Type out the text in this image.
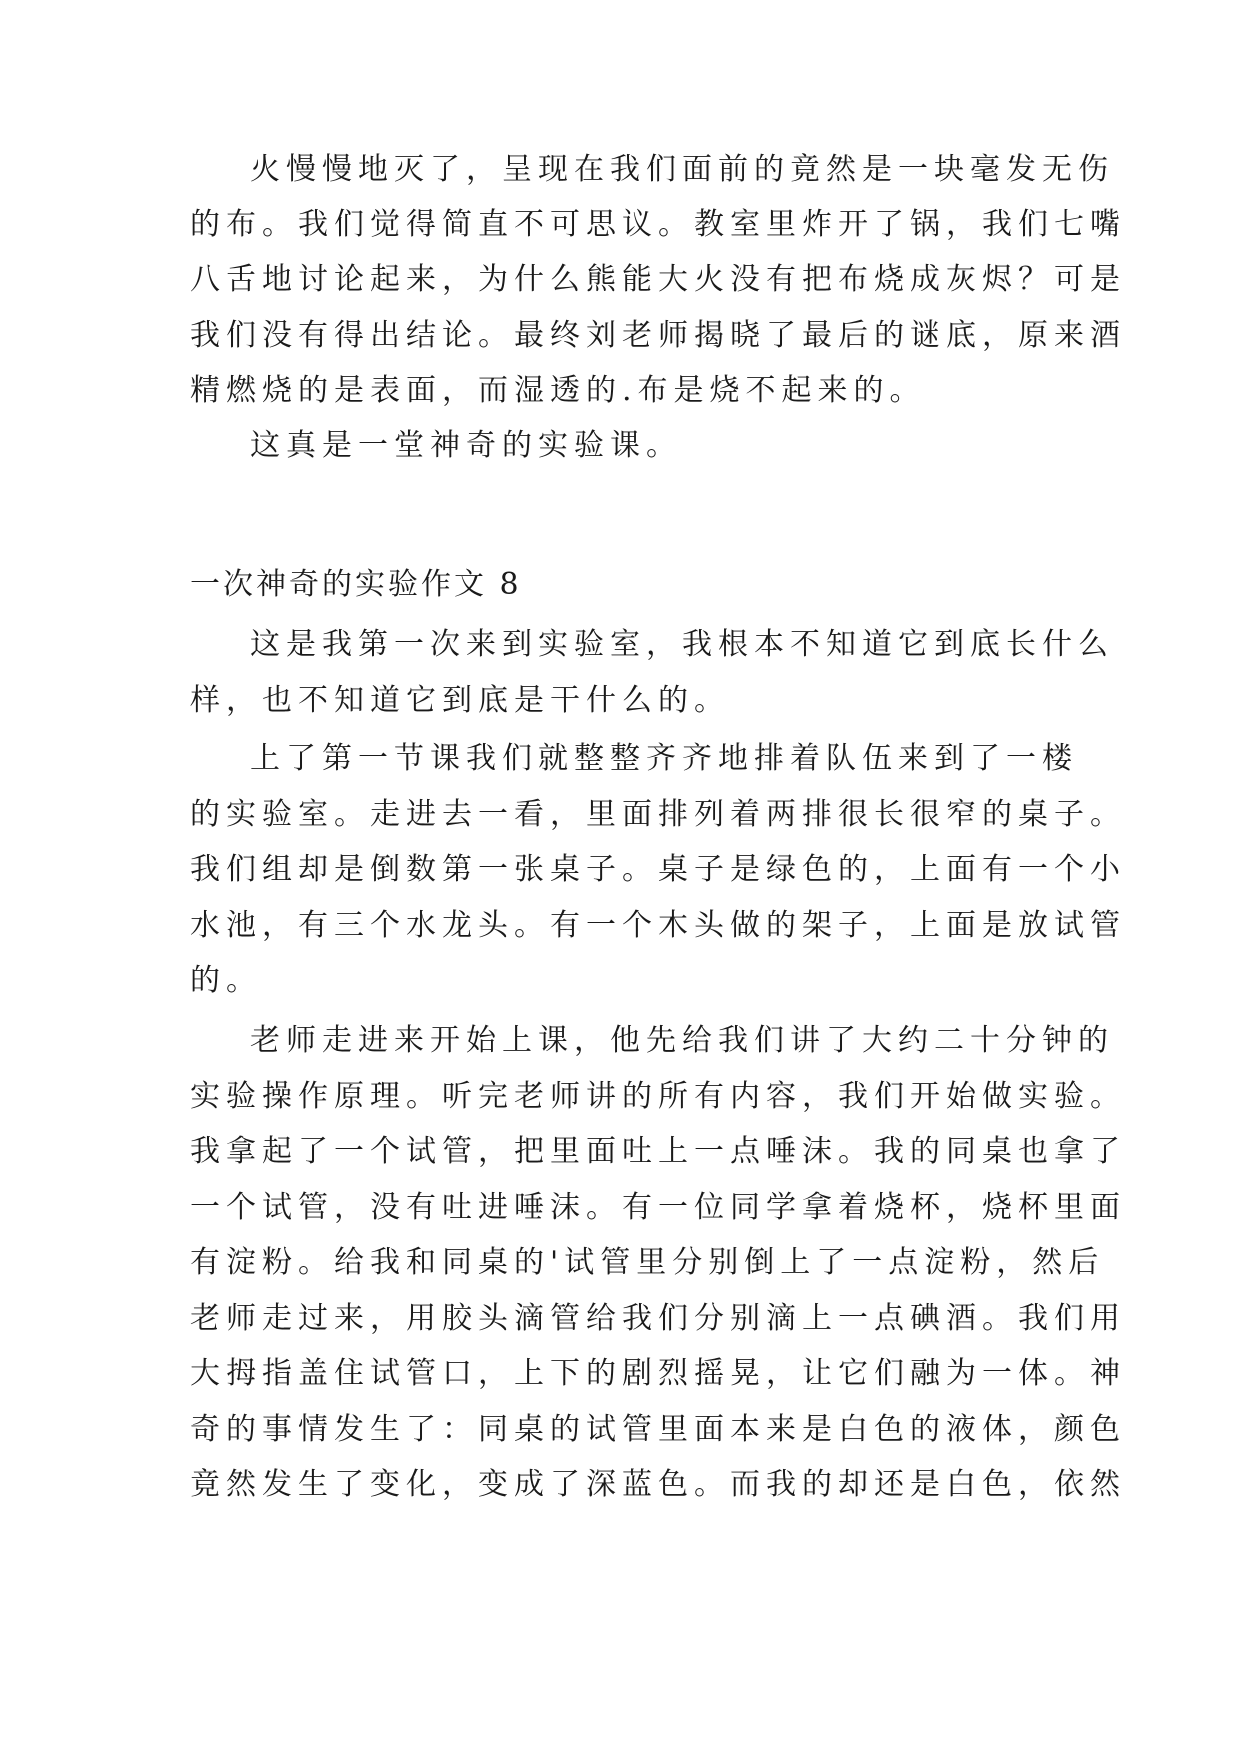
火慢慢地灭了，呈现在我们面前的竟然是一块毫发无伤

的布。我们觉得简直不可思议。教室里炸开了锅，我们七嘴

八舌地讨论起来，为什么熊能大火没有把布烧成灰烬？可是

我们没有得出结论。最终刘老师揭晓了最后的谜底，原来酒

精燃烧的是表面，而湿透的.布是烧不起来的。

这真是一堂神奇的实验课。

一次神奇的实验作文 8

这是我第一次来到实验室，我根本不知道它到底长什么

样，也不知道它到底是干什么的。

上了第一节课我们就整整齐齐地排着队伍来到了一楼

的实验室。走进去一看，里面排列着两排很长很窄的桌子。

我们组却是倒数第一张桌子。桌子是绿色的，上面有一个小

水池，有三个水龙头。有一个木头做的架子，上面是放试管

的。

老师走进来开始上课，他先给我们讲了大约二十分钟的

实验操作原理。听完老师讲的所有内容，我们开始做实验。

我拿起了一个试管，把里面吐上一点唾沫。我的同桌也拿了

一个试管，没有吐进唾沫。有一位同学拿着烧杯，烧杯里面

有淀粉。给我和同桌的'试管里分别倒上了一点淀粉，然后

老师走过来，用胶头滴管给我们分别滴上一点碘酒。我们用

大拇指盖住试管口，上下的剧烈摇晃，让它们融为一体。神

奇的事情发生了：同桌的试管里面本来是白色的液体，颜色

竟然发生了变化，变成了深蓝色。而我的却还是白色，依然
